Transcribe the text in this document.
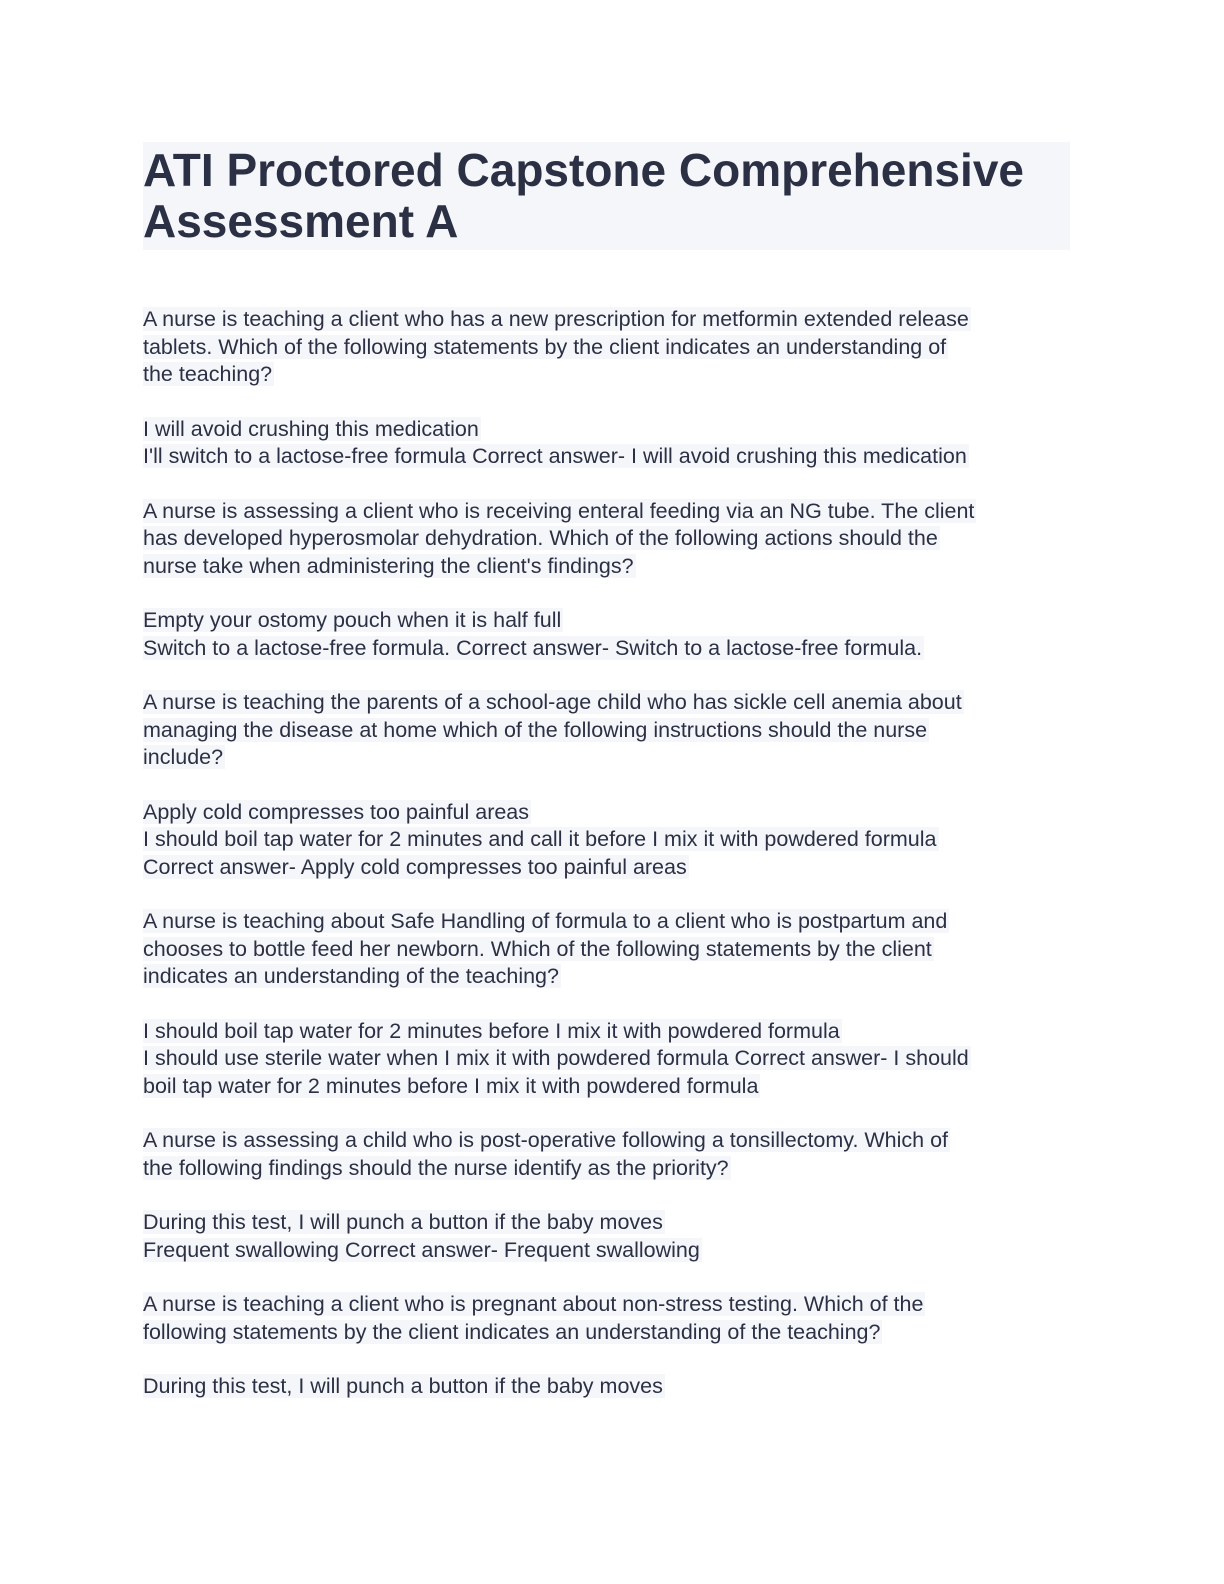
ATI Proctored Capstone Comprehensive
Assessment A
A nurse is teaching a client who has a new prescription for metformin extended release
tablets. Which of the following statements by the client indicates an understanding of
the teaching?
I will avoid crushing this medication
I'll switch to a lactose-free formula Correct answer- I will avoid crushing this medication
A nurse is assessing a client who is receiving enteral feeding via an NG tube. The client
has developed hyperosmolar dehydration. Which of the following actions should the
nurse take when administering the client's findings?
Empty your ostomy pouch when it is half full
Switch to a lactose-free formula. Correct answer- Switch to a lactose-free formula.
A nurse is teaching the parents of a school-age child who has sickle cell anemia about
managing the disease at home which of the following instructions should the nurse
include?
Apply cold compresses too painful areas
I should boil tap water for 2 minutes and call it before I mix it with powdered formula
Correct answer- Apply cold compresses too painful areas
A nurse is teaching about Safe Handling of formula to a client who is postpartum and
chooses to bottle feed her newborn. Which of the following statements by the client
indicates an understanding of the teaching?
I should boil tap water for 2 minutes before I mix it with powdered formula
I should use sterile water when I mix it with powdered formula Correct answer- I should
boil tap water for 2 minutes before I mix it with powdered formula
A nurse is assessing a child who is post-operative following a tonsillectomy. Which of
the following findings should the nurse identify as the priority?
During this test, I will punch a button if the baby moves
Frequent swallowing Correct answer- Frequent swallowing
A nurse is teaching a client who is pregnant about non-stress testing. Which of the
following statements by the client indicates an understanding of the teaching?
During this test, I will punch a button if the baby moves
